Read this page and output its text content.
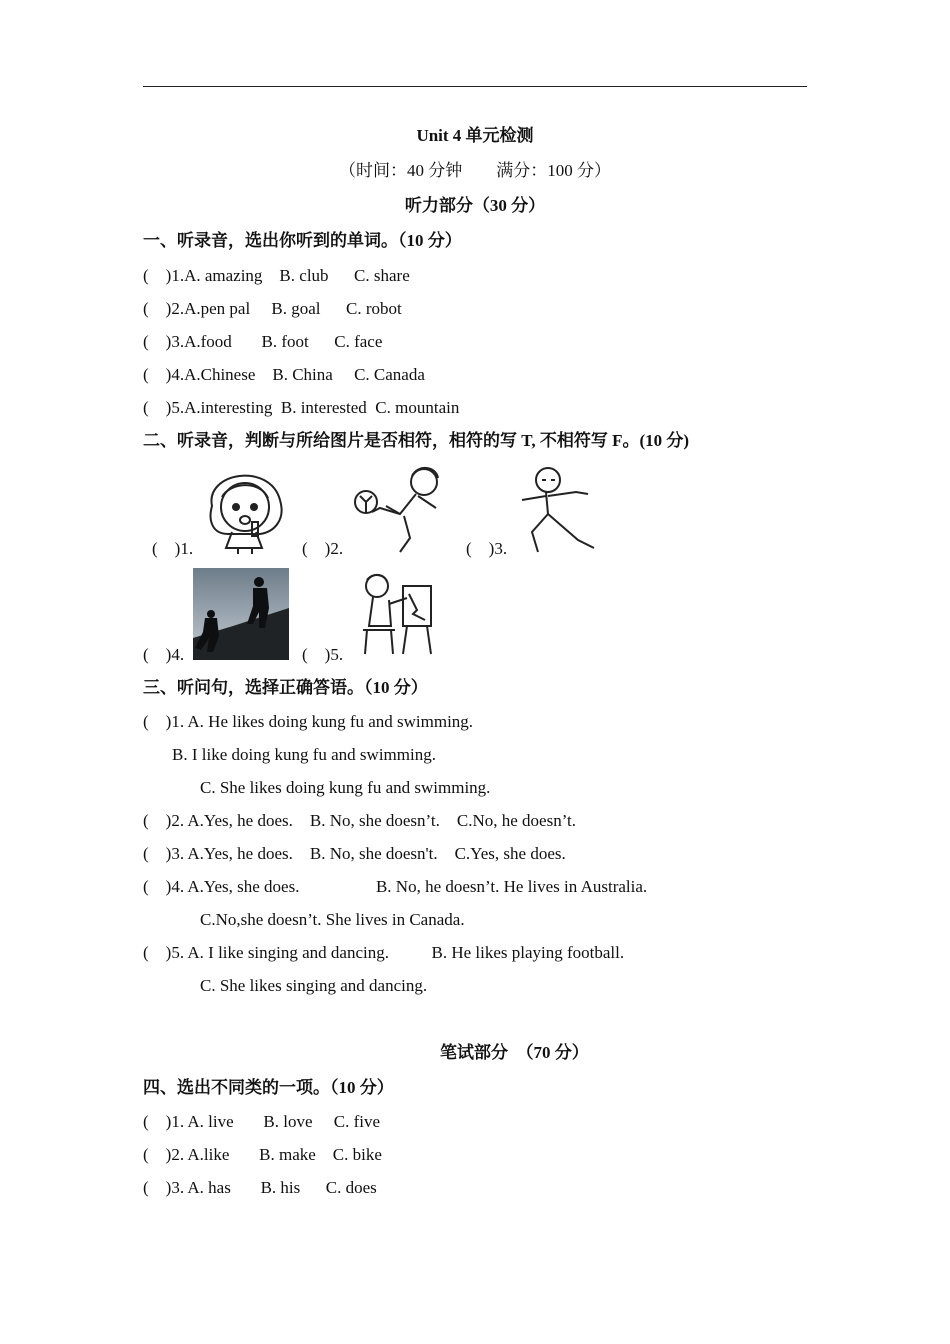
Unit 4 单元检测
（时间：40 分钟        满分：100 分）
听力部分（30 分）
一、听录音，选出你听到的单词。（10 分）
(    )1.A. amazing    B. club      C. share
(    )2.A.pen pal     B. goal      C. robot
(    )3.A.food       B. foot      C. face
(    )4.A.Chinese    B. China     C. Canada
(    )5.A.interesting  B. interested  C. mountain
二、听录音，判断与所给图片是否相符，相符的写 T, 不相符写 F。(10 分)
(    )1.	(    )2.	(    )3.
(    )4.	(    )5.
三、听问句，选择正确答语。（10 分）
(    )1. A. He likes doing kung fu and swimming.
B. I like doing kung fu and swimming.
C. She likes doing kung fu and swimming.
(    )2. A.Yes, he does.    B. No, she doesn’t.    C.No, he doesn’t.
(    )3. A.Yes, he does.    B. No, she doesn't.    C.Yes, she does.
(    )4. A.Yes, she does.                  B. No, he doesn’t. He lives in Australia.
C.No,she doesn’t. She lives in Canada.
(    )5. A. I like singing and dancing.          B. He likes playing football.
C. She likes singing and dancing.
笔试部分  （70 分）
四、选出不同类的一项。（10 分）
(    )1. A. live       B. love     C. five
(    )2. A.like       B. make    C. bike
(    )3. A. has       B. his      C. does
